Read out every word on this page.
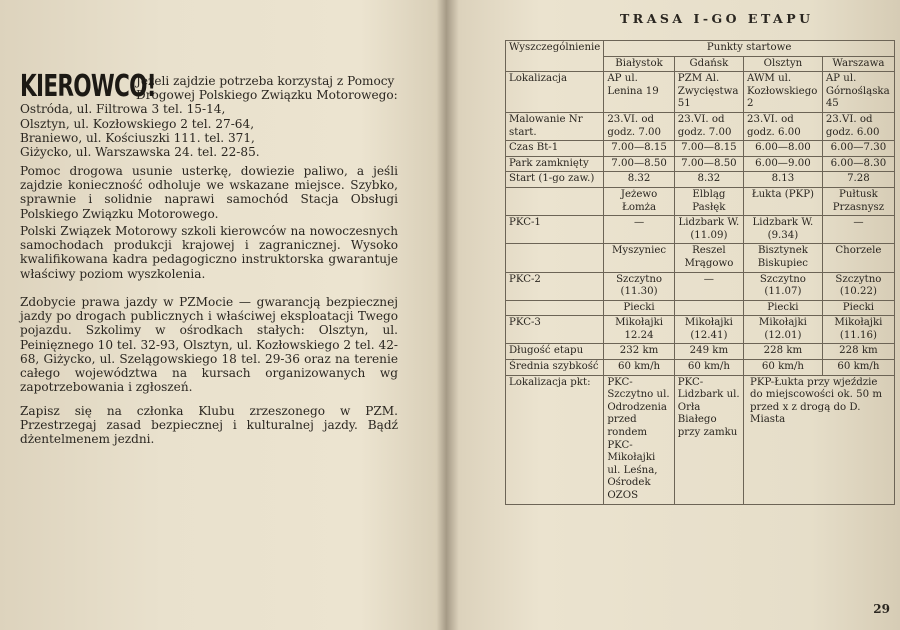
KIEROWCO!
Jeżeli zajdzie potrzeba korzystaj z Pomocy Drogowej Polskiego Związku Motorowego:
Ostróda, ul. Filtrowa 3 tel. 15-14,
Olsztyn, ul. Kozłowskiego 2 tel. 27-64,
Braniewo, ul. Kościuszki 111. tel. 371,
Giżycko, ul. Warszawska 24. tel. 22-85.

Pomoc drogowa usunie usterkę, dowiezie paliwo, a jeśli zajdzie konieczność odholuje we wskazane miejsce. Szybko, sprawnie i solidnie naprawi samochód Stacja Obsługi Polskiego Związku Motorowego.

Polski Związek Motorowy szkoli kierowców na nowoczesnych samochodach produkcji krajowej i zagranicznej. Wysoko kwalifikowana kadra pedagogiczno instruktorska gwarantuje właściwy poziom wyszkolenia.

Zdobycie prawa jazdy w PZMocie — gwarancją bezpiecznej jazdy po drogach publicznych i właściwej eksploatacji Twego pojazdu. Szkolimy w ośrodkach stałych: Olsztyn, ul. Peinięznego 10 tel. 32-93, Olsztyn, ul. Kozłowskiego 2 tel. 42-68, Giżycko, ul. Szelągowskiego 18 tel. 29-36 oraz na terenie całego województwa na kursach organizowanych wg zapotrzebowania i zgłoszeń.

Zapisz się na członka Klubu zrzeszonego w PZM. Przestrzegaj zasad bezpiecznej i kulturalnej jazdy. Bądź dżentelmenem jezdni.

TRASA I-GO ETAPU
Wyszczególnienie	Punkty startowe			
	Białystok	Gdańsk	Olsztyn	Warszawa
Lokalizacja	AP ul. Lenina 19	PZM Al. Zwycięstwa 51	AWM ul. Kozłowskiego 2	AP ul. Górnośląska 45
Malowanie Nr start.	23.VI. od godz. 7.00	23.VI. od godz. 7.00	23.VI. od godz. 6.00	23.VI. od godz. 6.00
Czas Bt-1	7.00—8.15	7.00—8.15	6.00—8.00	6.00—7.30
Park zamknięty	7.00—8.50	7.00—8.50	6.00—9.00	6.00—8.30
Start (1-go zaw.)	8.32	8.32	8.13	7.28
	Jeżewo Łomża	Elbląg Pasłęk	Łukta (PKP)	Pułtusk Przasnysz
PKC-1	—	Lidzbark W. (11.09)	Lidzbark W. (9.34)	—
	Myszyniec	Reszel Mrągowo	Bisztynek Biskupiec	Chorzele
PKC-2	Szczytno (11.30)	—	Szczytno (11.07)	Szczytno (10.22)
	Piecki		Piecki	Piecki
PKC-3	Mikołajki 12.24	Mikołajki (12.41)	Mikołajki (12.01)	Mikołajki (11.16)
Długość etapu	232 km	249 km	228 km	228 km
Średnia szybkość	60 km/h	60 km/h	60 km/h	60 km/h
Lokalizacja pkt:	PKC-Szczytno ul. Odrodzenia przed rondem PKC-Mikołajki ul. Leśna, Ośrodek OZOS	PKC-Lidzbark ul. Orła Białego przy zamku	PKP-Łukta przy wjeździe do miejscowości ok. 50 m przed x z drogą do D. Miasta	
29
